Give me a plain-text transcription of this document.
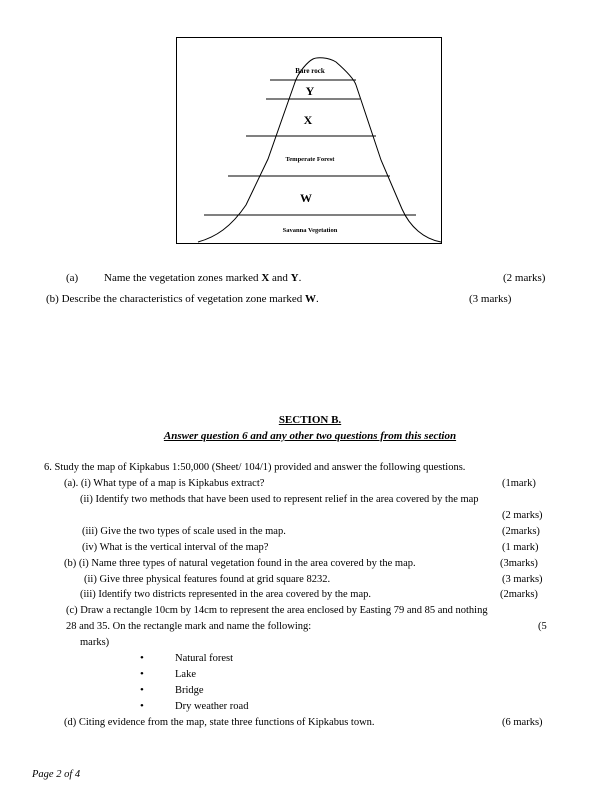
Bare rock
Y
X
Temperate Forest
W
Savanna Vegetation
(a) Name the vegetation zones marked X and Y.	(2 marks)
(b) Describe the characteristics of vegetation zone marked W.	(3 marks)
SECTION B.
Answer question 6 and any other two questions from this section
6. Study the map of Kipkabus 1:50,000 (Sheet/ 104/1) provided and answer the following questions.
(a). (i) What type of a map is Kipkabus extract?	(1mark)
(ii) Identify two methods that have been used to represent relief in the area covered by the map
(2 marks)
(iii) Give the two types of scale used in the map.	(2marks)
(iv) What is the vertical interval of the map?	(1 mark)
(b) (i) Name three types of natural vegetation found in the area covered by the map.	(3marks)
(ii) Give three physical features found at grid square 8232.	(3 marks)
(iii) Identify two districts represented in the area covered by the map.	(2marks)
(c) Draw a rectangle 10cm by 14cm to represent the area enclosed by Easting 79 and 85 and nothing
28 and 35. On the rectangle mark and name the following:	(5
marks)
•	Natural forest
•	Lake
•	Bridge
•	Dry weather road
(d) Citing evidence from the map, state three functions of Kipkabus town.	(6 marks)
Page 2 of 4
